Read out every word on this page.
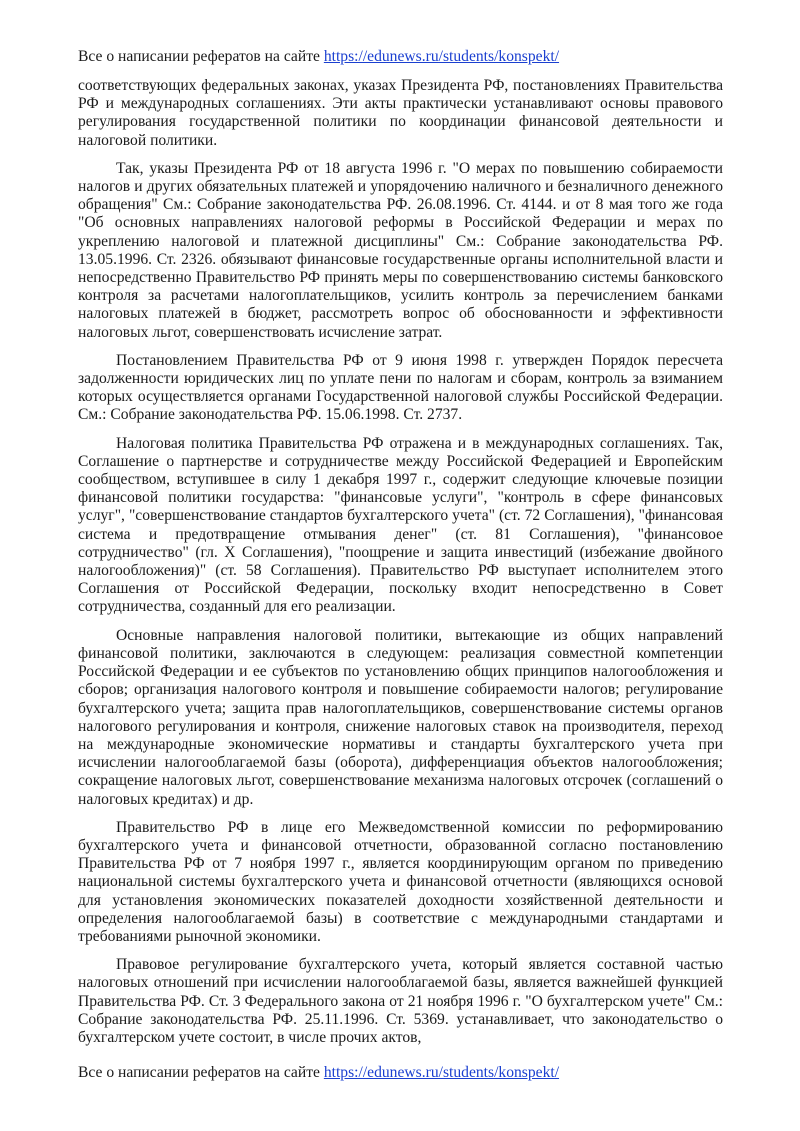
Все о написании рефератов на сайте https://edunews.ru/students/konspekt/

соответствующих федеральных законах, указах Президента РФ, постановлениях Правительства РФ и международных соглашениях. Эти акты практически устанавливают основы правового регулирования государственной политики по координации финансовой деятельности и налоговой политики.

Так, указы Президента РФ от 18 августа 1996 г. "О мерах по повышению собираемости налогов и других обязательных платежей и упорядочению наличного и безналичного денежного обращения" См.: Собрание законодательства РФ. 26.08.1996. Ст. 4144. и от 8 мая того же года "Об основных направлениях налоговой реформы в Российской Федерации и мерах по укреплению налоговой и платежной дисциплины" См.: Собрание законодательства РФ. 13.05.1996. Ст. 2326. обязывают финансовые государственные органы исполнительной власти и непосредственно Правительство РФ принять меры по совершенствованию системы банковского контроля за расчетами налогоплательщиков, усилить контроль за перечислением банками налоговых платежей в бюджет, рассмотреть вопрос об обоснованности и эффективности налоговых льгот, совершенствовать исчисление затрат.

Постановлением Правительства РФ от 9 июня 1998 г. утвержден Порядок пересчета задолженности юридических лиц по уплате пени по налогам и сборам, контроль за взиманием которых осуществляется органами Государственной налоговой службы Российской Федерации. См.: Собрание законодательства РФ. 15.06.1998. Ст. 2737.

Налоговая политика Правительства РФ отражена и в международных соглашениях. Так, Соглашение о партнерстве и сотрудничестве между Российской Федерацией и Европейским сообществом, вступившее в силу 1 декабря 1997 г., содержит следующие ключевые позиции финансовой политики государства: "финансовые услуги", "контроль в сфере финансовых услуг", "совершенствование стандартов бухгалтерского учета" (ст. 72 Соглашения), "финансовая система и предотвращение отмывания денег" (ст. 81 Соглашения), "финансовое сотрудничество" (гл. X Соглашения), "поощрение и защита инвестиций (избежание двойного налогообложения)" (ст. 58 Соглашения). Правительство РФ выступает исполнителем этого Соглашения от Российской Федерации, поскольку входит непосредственно в Совет сотрудничества, созданный для его реализации.

Основные направления налоговой политики, вытекающие из общих направлений финансовой политики, заключаются в следующем: реализация совместной компетенции Российской Федерации и ее субъектов по установлению общих принципов налогообложения и сборов; организация налогового контроля и повышение собираемости налогов; регулирование бухгалтерского учета; защита прав налогоплательщиков, совершенствование системы органов налогового регулирования и контроля, снижение налоговых ставок на производителя, переход на международные экономические нормативы и стандарты бухгалтерского учета при исчислении налогооблагаемой базы (оборота), дифференциация объектов налогообложения; сокращение налоговых льгот, совершенствование механизма налоговых отсрочек (соглашений о налоговых кредитах) и др.

Правительство РФ в лице его Межведомственной комиссии по реформированию бухгалтерского учета и финансовой отчетности, образованной согласно постановлению Правительства РФ от 7 ноября 1997 г., является координирующим органом по приведению национальной системы бухгалтерского учета и финансовой отчетности (являющихся основой для установления экономических показателей доходности хозяйственной деятельности и определения налогооблагаемой базы) в соответствие с международными стандартами и требованиями рыночной экономики.

Правовое регулирование бухгалтерского учета, который является составной частью налоговых отношений при исчислении налогооблагаемой базы, является важнейшей функцией Правительства РФ. Ст. 3 Федерального закона от 21 ноября 1996 г. "О бухгалтерском учете" См.: Собрание законодательства РФ. 25.11.1996. Ст. 5369. устанавливает, что законодательство о бухгалтерском учете состоит, в числе прочих актов,

Все о написании рефератов на сайте https://edunews.ru/students/konspekt/
